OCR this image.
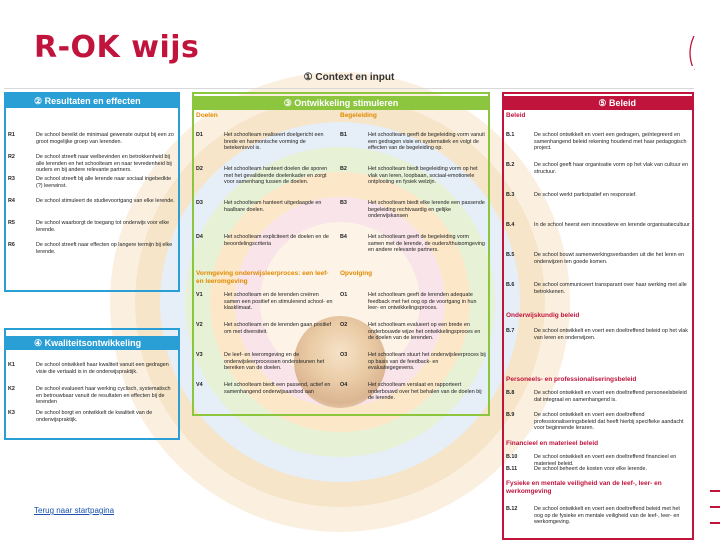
R-OK wijs
① Context en input
② Resultaten en effecten
R1	De school bereikt de minimaal gewenste output bij een zo groot mogelijke groep van lerenden.
R2	De school streeft naar welbevinden en betrokkenheid bij alle lerenden en het schoolteam en naar tevredenheid bij ouders en bij andere relevante partners.
R3	De school streeft bij alle lerende naar sociaal ingebedkte (?) leerwinst.
R4	De school stimuleert de studievoortgang van elke lerende.
R5	De school waarborgt de toegang tot onderwijs voor elke lerende.
R6	De school streeft naar effecten op langere termijn bij elke lerende.
④ Kwaliteitsontwikkeling
K1	De school ontwikkelt haar kwaliteit vanuit een gedragen visie die vertaald is in de onderwijspraktijk.
K2	De school evalueert haar werking cyclisch, systematisch en betrouwbaar vanuit de resultaten en effecten bij de lerenden
K3	De school borgt en ontwikkelt de kwaliteit van de onderwijspraktijk.
③ Ontwikkeling stimuleren
Doelen	Begeleiding
D1	Het schoolteam realiseert doelgericht een brede en harmonische vorming de betekenisvol is.
D2	Het schoolteam hanteert doelen die sporen met het gevalideerde doelenkader en zorgt voor samenhang tussen de doelen.
D3	Het schoolteam hanteert uitgedaagde en haalbare doelen.
D4	Het schoolteam expliciteert de doelen en de beoordelingscriteria
B1	Het schoolteam geeft de begeleiding vorm vanuit een gedragen visie en systematiek en volgt de effecten van de begeleiding op.
B2	Het schoolteam biedt begeleiding vorm op het vlak van leren, loopbaan, sociaal-emotionele ontplooiing en fysiek welzijn.
B3	Het schoolteam biedt elke lerende een passende begeleiding rechtvaardig en gelijke onderwijskansen
B4	Het schoolteam geeft de begeleiding vorm samen met de lerende, de ouders/thuisomgeving en andere relevante partners.
Vormgeving onderwijsleerproces: een leef- en leeromgeving
Opvolging
V1	Het schoolteam en de lerenden creëren samen een positief en stimulerend school- en klasklimaat.
V2	Het schoolteam en de lerenden gaan positief om met diversiteit.
V3	De leef- en leeromgeving en de onderwijsleerprocessen ondersteunen het bereiken van de doelen.
V4	Het schoolteam biedt een passend, actief en samenhangend onderwijsaanbod aan
O1	Het schoolteam geeft de lerenden adequate feedback met het oog op de voortgang in hun leer- en ontwikkelingsproces.
O2	Het schoolteam evalueert op een brede en onderbouwde wijze het ontwikkelingsproces en de doelen van de lerenden.
O3	Het schoolteam stuurt het onderwijsleerproces bij op basis van de feedback- en evaluatiegegevens.
O4	Het schoolteam verslaat en rapporteert onderbouwd over het behalen van de doelen bij de lerende.
⑤ Beleid
Beleid
B.1	De school ontwikkelt en voert een gedragen, geïntegreerd en samenhangend beleid rekening houdend met haar pedagogisch project.
B.2	De school geeft haar organisatie vorm op het vlak van cultuur en structuur.
B.3	De school werkt participatief en responsief.
B.4	In de school heerst een innovatieve en lerende organisatiecultuur
B.5	De school bouwt samenwerkingsverbanden uit die het leren en onderwijzen ten goede komen.
B.6	De school communiceert transparant over haar werking met alle betrokkenen.
Onderwijskundig beleid
B.7	De school ontwikkelt en voert een doeltreffend beleid op het vlak van leren en onderwijzen.
Personeels- en professionaliseringsbeleid
B.8	De school ontwikkelt en voert een doeltreffend personeelsbeleid dat integraal en samenhangend is.
B.9	De school ontwikkelt en voert een doeltreffend professionaliseringsbeleid dat heeft hierbij specifieke aandacht voor beginnende leraren.
Financieel en materieel beleid
B.10	De school ontwikkelt en voert een doeltreffend financieel en materieel beleid.
B.11	De school beheert de kosten voor elke lerende.
Fysieke en mentale veiligheid van de leef-, leer- en werkomgeving
B.12	De school ontwikkelt en voert een doeltreffend beleid met het oog op de fysieke en mentale veiligheid van de leef-, leer- en werkomgeving.
Terug naar startpagina
